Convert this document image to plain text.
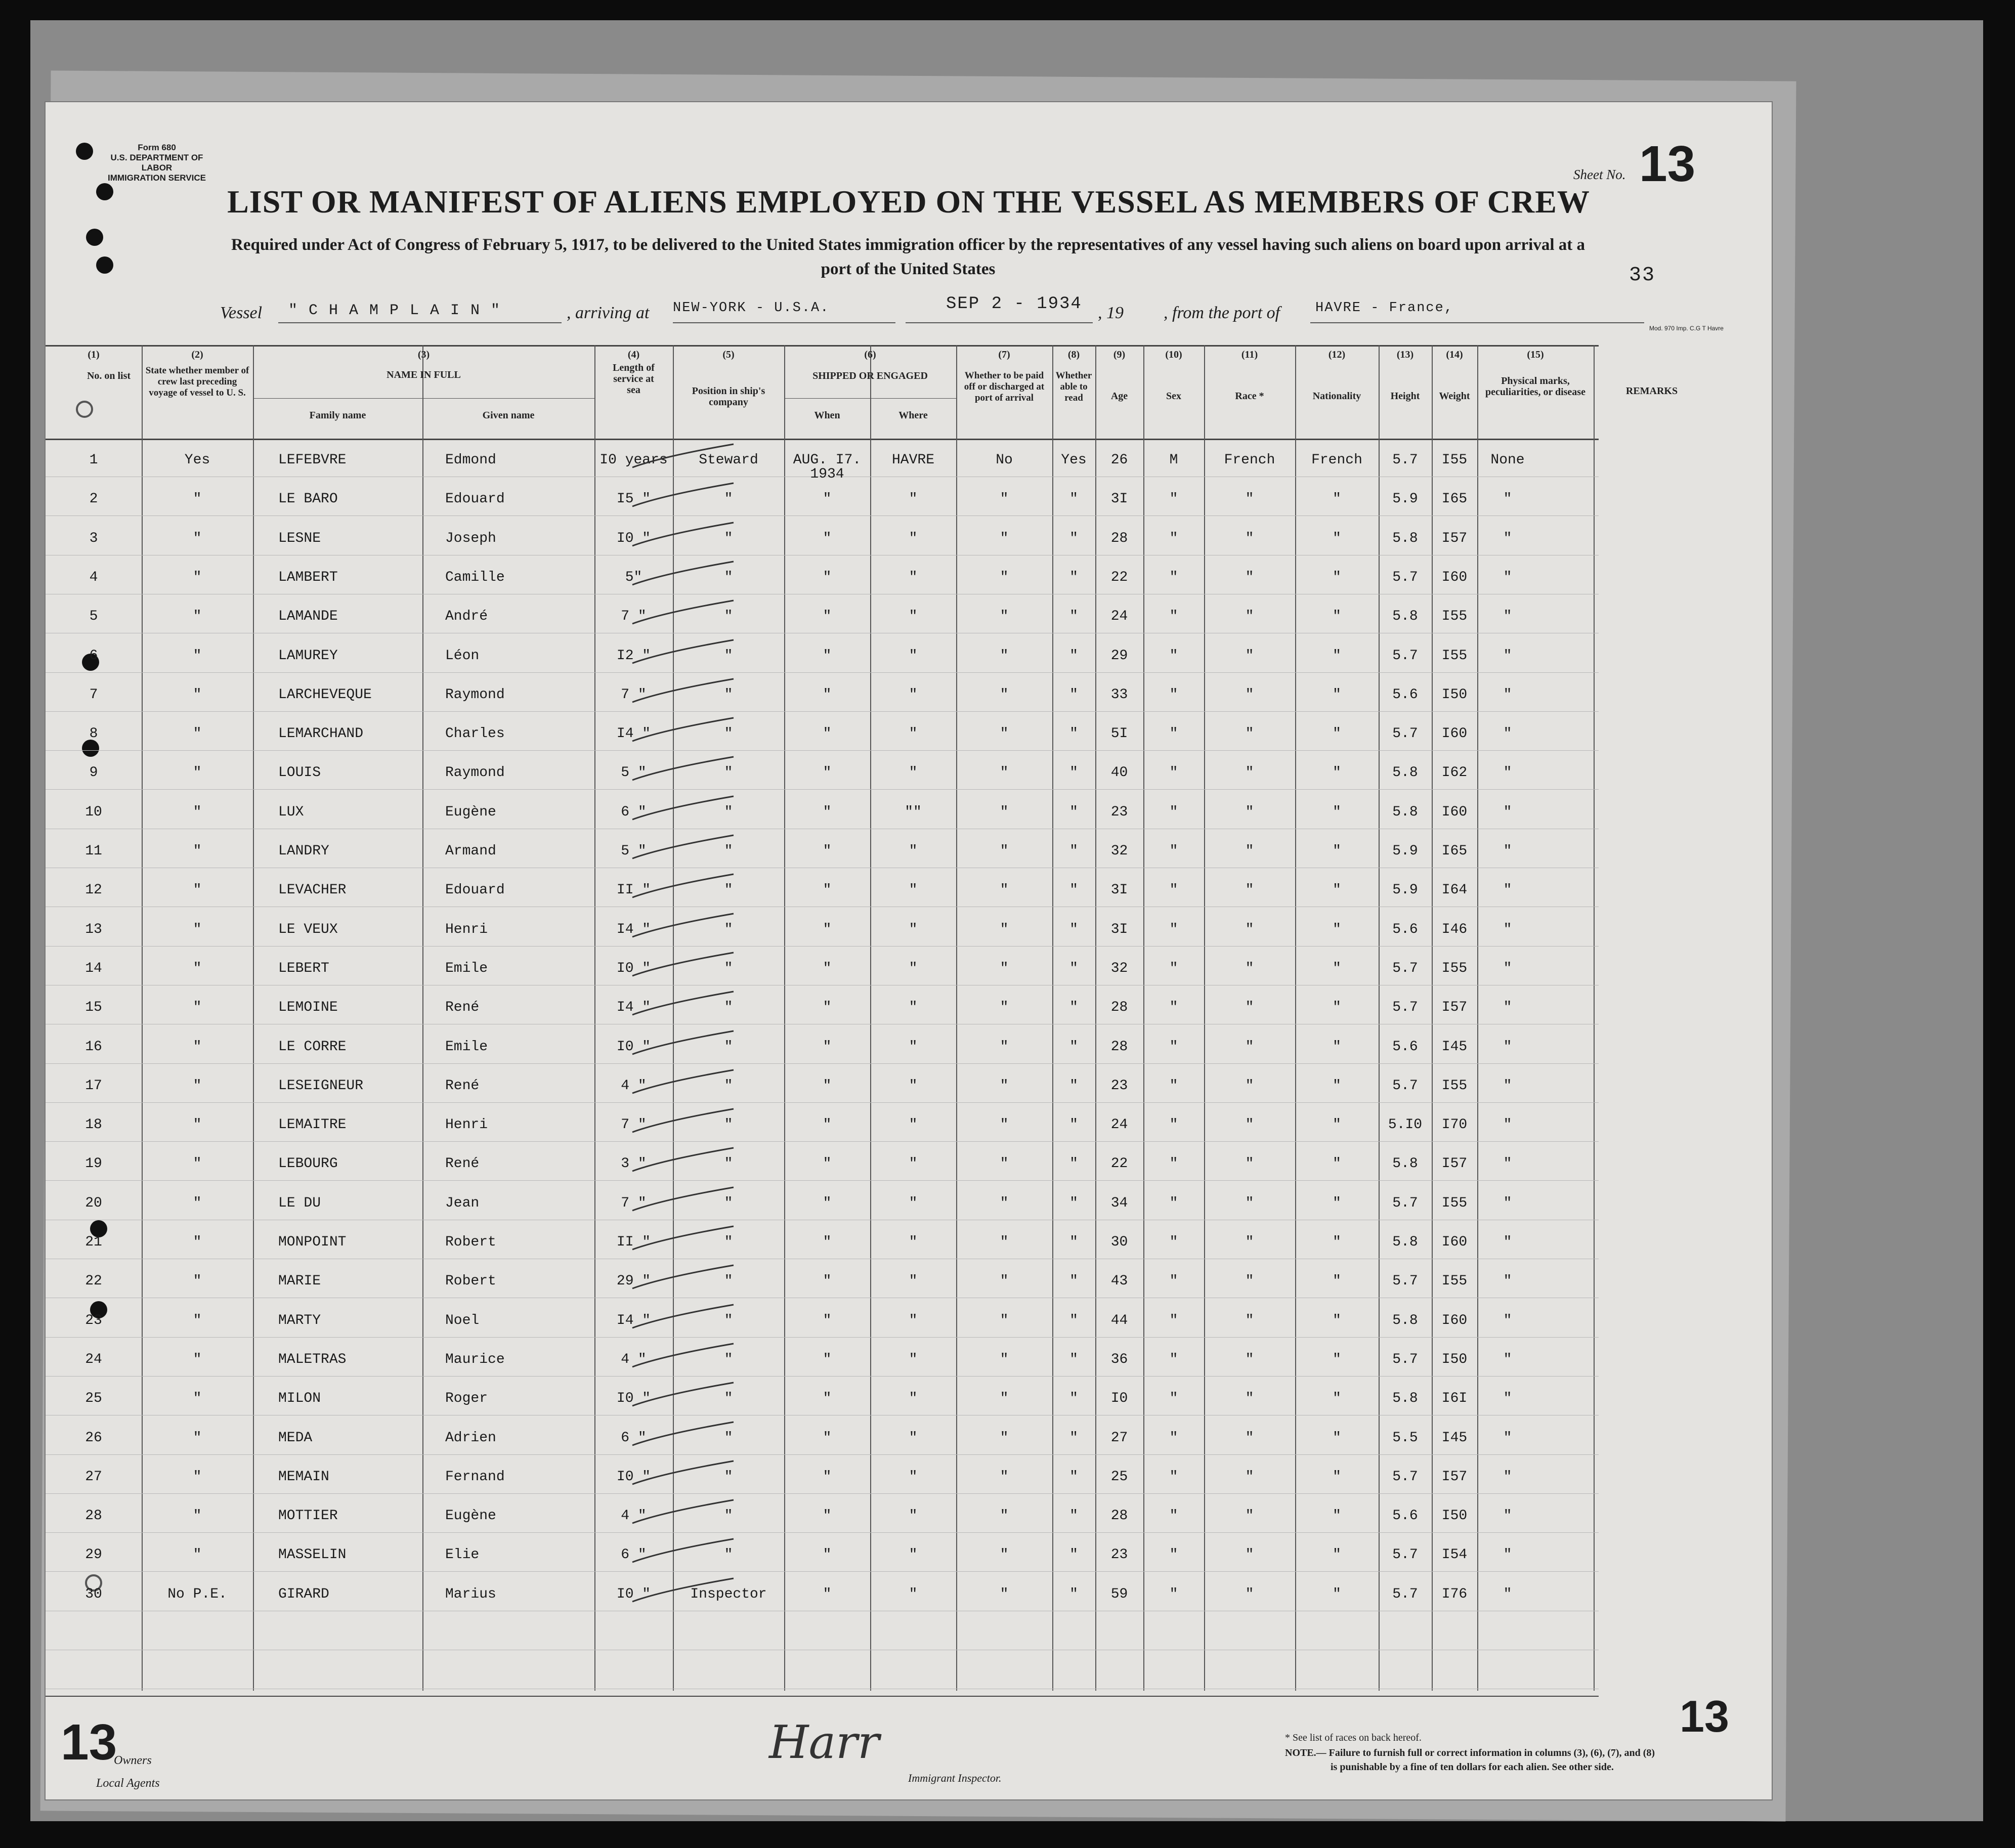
Form 680
U.S. DEPARTMENT OF LABOR
IMMIGRATION SERVICE	Sheet No. 13
LIST OR MANIFEST OF ALIENS EMPLOYED ON THE VESSEL AS MEMBERS OF CREW
Required under Act of Congress of February 5, 1917, to be delivered to the United States immigration officer by the representatives of any vessel having such aliens on board upon arrival at a
port of the United States	33
Vessel " C H A M P L A I N "	, arriving at NEW-YORK - U.S.A.	SEP 2 - 1934 , 19 , from the port of	HAVRE - France,
Mod. 970 Imp. C.G T Havre
(2)
(1)
No. on list	State whether member of crew last preceding voyage of vessel to U. S.
(3)
NAME IN FULL
Family name	Given name
(4)
Length of service at sea
(5)
Position in ship's company
(6)
SHIPPED OR ENGAGED
When	Where
(7)
Whether to be paid off or discharged at port of arrival
(8)
Whether able to read
(9)
Age
(10)
Sex
(11)
Race *
(12)
Nationality
(13)
Height
(14)
Weight
(15)
Physical marks, peculiarities, or disease	REMARKS
1	Yes	LEFEBVRE	Edmond	I0 years	Steward	AUG. I7.	HAVRE	No	Yes	26	M	French	French	5.7	I55	None
1934
2	"	LE BARO	Edouard	I5 "	"	"	"	"	"	3I	"	"	"	5.9	I65	"
3	"	LESNE	Joseph	I0 "	"	"	"	"	"	28	"	"	"	5.8	I57	"
4	"	LAMBERT	Camille	5"	"	"	"	"	"	22	"	"	"	5.7	I60	"
5	"	LAMANDE	André	7 "	"	"	"	"	"	24	"	"	"	5.8	I55	"
6	"	LAMUREY	Léon	I2 "	"	"	"	"	"	29	"	"	"	5.7	I55	"
7	"	LARCHEVEQUE	Raymond	7 "	"	"	"	"	"	33	"	"	"	5.6	I50	"
8	"	LEMARCHAND	Charles	I4 "	"	"	"	"	"	5I	"	"	"	5.7	I60	"
9	"	LOUIS	Raymond	5 "	"	"	"	"	"	40	"	"	"	5.8	I62	"
10	"	LUX	Eugène	6 "	"	"	""	"	"	23	"	"	"	5.8	I60	"
11	"	LANDRY	Armand	5 "	"	"	"	"	"	32	"	"	"	5.9	I65	"
12	"	LEVACHER	Edouard	II "	"	"	"	"	"	3I	"	"	"	5.9	I64	"
13	"	LE VEUX	Henri	I4 "	"	"	"	"	"	3I	"	"	"	5.6	I46	"
14	"	LEBERT	Emile	I0 "	"	"	"	"	"	32	"	"	"	5.7	I55	"
15	"	LEMOINE	René	I4 "	"	"	"	"	"	28	"	"	"	5.7	I57	"
16	"	LE CORRE	Emile	I0 "	"	"	"	"	"	28	"	"	"	5.6	I45	"
17	"	LESEIGNEUR	René	4 "	"	"	"	"	"	23	"	"	"	5.7	I55	"
18	"	LEMAITRE	Henri	7 "	"	"	"	"	"	24	"	"	"	5.I0	I70	"
19	"	LEBOURG	René	3 "	"	"	"	"	"	22	"	"	"	5.8	I57	"
20	"	LE DU	Jean	7 "	"	"	"	"	"	34	"	"	"	5.7	I55	"
21	"	MONPOINT	Robert	II "	"	"	"	"	"	30	"	"	"	5.8	I60	"
22	"	MARIE	Robert	29 "	"	"	"	"	"	43	"	"	"	5.7	I55	"
23	"	MARTY	Noel	I4 "	"	"	"	"	"	44	"	"	"	5.8	I60	"
24	"	MALETRAS	Maurice	4 "	"	"	"	"	"	36	"	"	"	5.7	I50	"
25	"	MILON	Roger	I0 "	"	"	"	"	"	I0	"	"	"	5.8	I6I	"
26	"	MEDA	Adrien	6 "	"	"	"	"	"	27	"	"	"	5.5	I45	"
27	"	MEMAIN	Fernand	I0 "	"	"	"	"	"	25	"	"	"	5.7	I57	"
28	"	MOTTIER	Eugène	4 "	"	"	"	"	"	28	"	"	"	5.6	I50	"
29	"	MASSELIN	Elie	6 "	"	"	"	"	"	23	"	"	"	5.7	I54	"
30	No P.E.	GIRARD	Marius	I0 "	Inspector	"	"	"	"	59	"	"	"	5.7	I76	"
13	13
Owners
Local Agents
Harr
Immigrant Inspector.
* See list of races on back hereof.
NOTE.— Failure to furnish full or correct information in columns (3), (6), (7), and (8)
is punishable by a fine of ten dollars for each alien. See other side.
